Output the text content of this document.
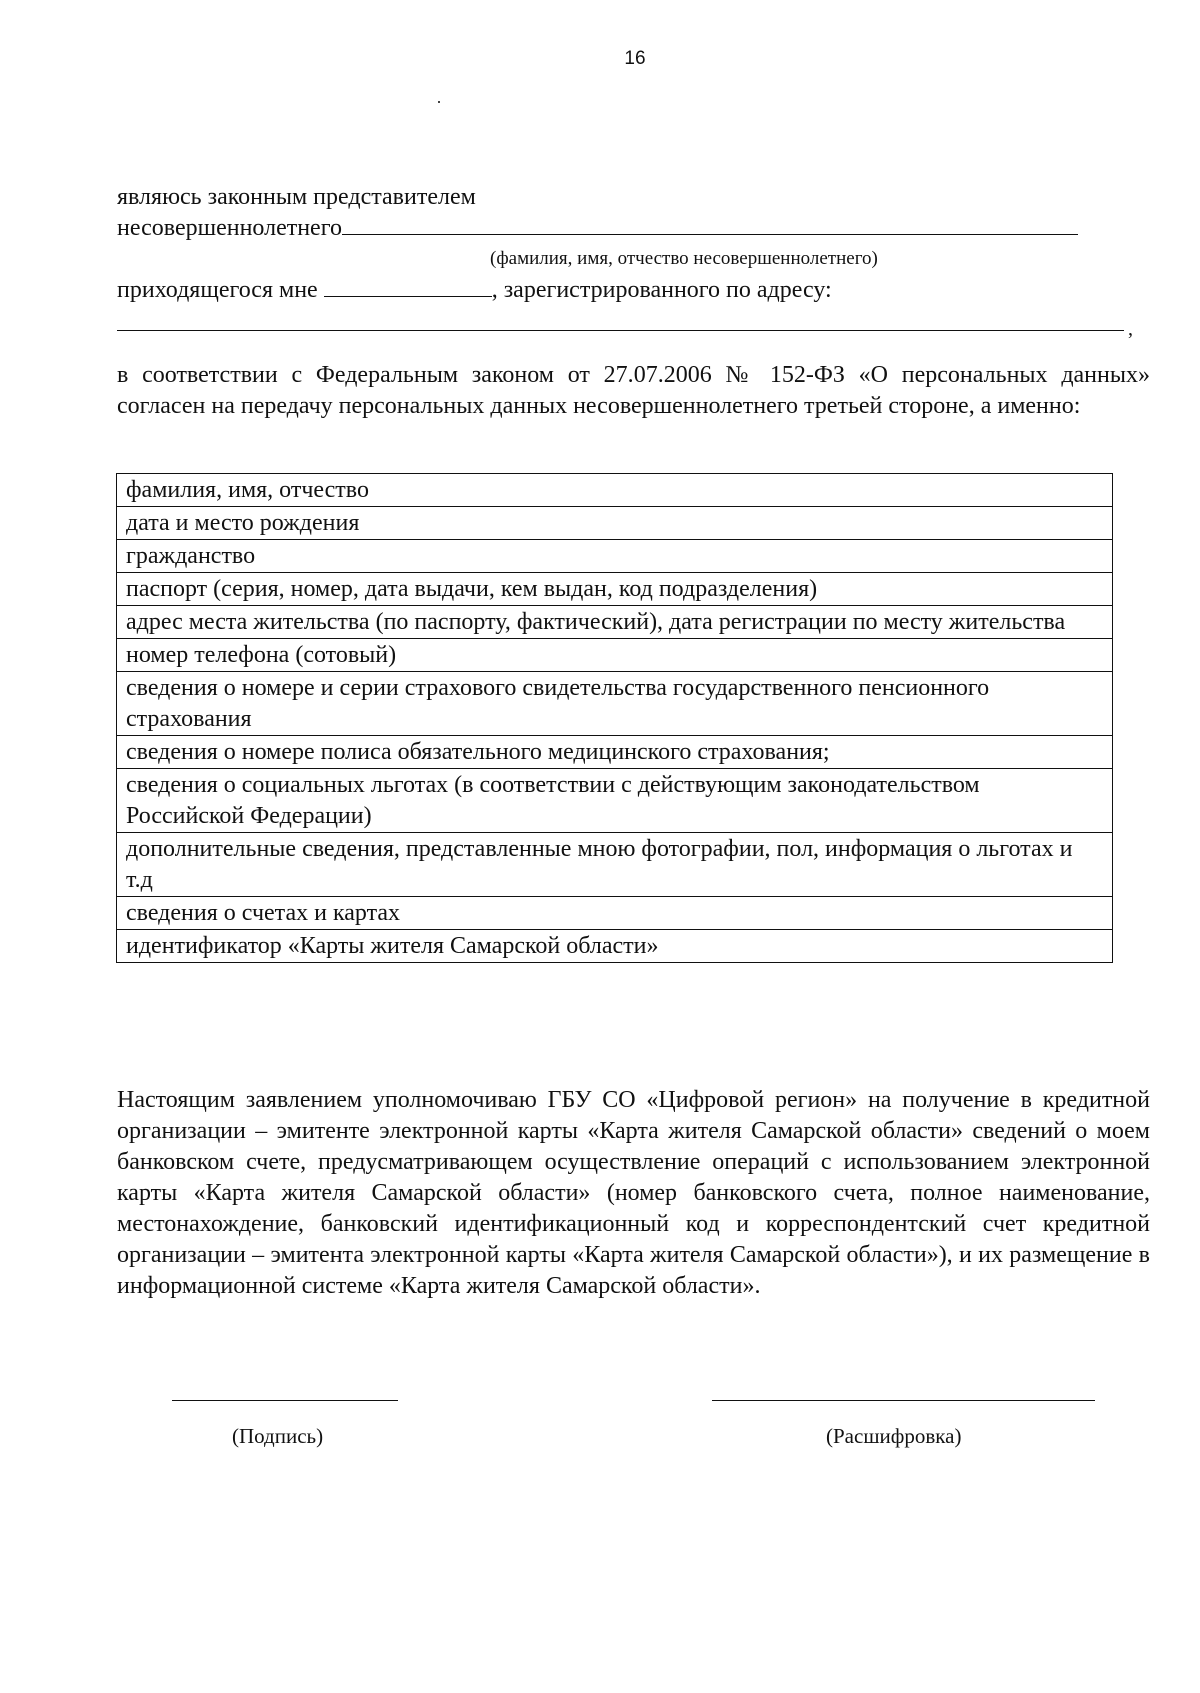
16
являюсь законным представителем
несовершеннолетнего
(фамилия, имя, отчество несовершеннолетнего)
приходящегося мне	, зарегистрированного по адресу:
,
в соответствии с Федеральным законом от 27.07.2006 № 152-ФЗ «О персональных данных» согласен на передачу персональных данных несовершеннолетнего третьей стороне, а именно:
фамилия, имя, отчество
дата и место рождения
гражданство
паспорт (серия, номер, дата выдачи, кем выдан, код подразделения)
адрес места жительства (по паспорту, фактический), дата регистрации по месту жительства
номер телефона (сотовый)
сведения о номере и серии страхового свидетельства государственного пенсионного страхования
сведения о номере полиса обязательного медицинского страхования;
сведения о социальных льготах (в соответствии с действующим законодательством Российской Федерации)
дополнительные сведения, представленные мною фотографии, пол, информация о льготах и т.д
сведения о счетах и картах
идентификатор «Карты жителя Самарской области»
Настоящим заявлением уполномочиваю ГБУ СО «Цифровой регион» на получение в кредитной организации – эмитенте электронной карты «Карта жителя Самарской области» сведений о моем банковском счете, предусматривающем осуществление операций с использованием электронной карты «Карта жителя Самарской области» (номер банковского счета, полное наименование, местонахождение, банковский идентификационный код и корреспондентский счет кредитной организации – эмитента электронной карты «Карта жителя Самарской области»), и их размещение в информационной системе «Карта жителя Самарской области».
(Подпись)	(Расшифровка)
